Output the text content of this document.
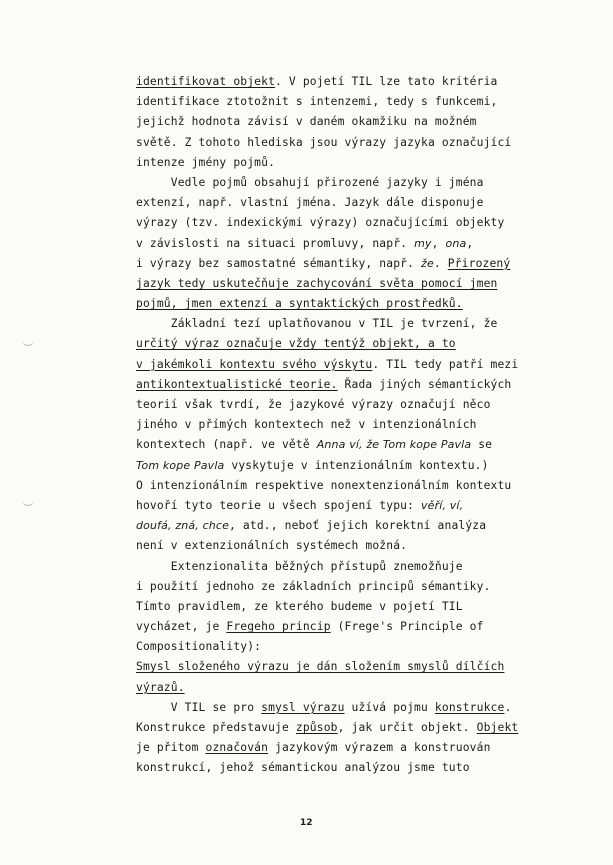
identifikovat objekt. V pojetí TIL lze tato kritéria
identifikace ztotožnit s intenzemi, tedy s funkcemi,
jejichž hodnota závisí v daném okamžiku na možném
světě. Z tohoto hlediska jsou výrazy jazyka označující
intenze jmény pojmů.
Vedle pojmů obsahují přirozené jazyky i jména
extenzí, např. vlastní jména. Jazyk dále disponuje
výrazy (tzv. indexickými výrazy) označujícími objekty
v závislosti na situaci promluvy, např. my, ona,
i výrazy bez samostatné sémantiky, např. že. Přirozený
jazyk tedy uskutečňuje zachycování světa pomocí jmen
pojmů, jmen extenzí a syntaktických prostředků.
Základní tezí uplatňovanou v TIL je tvrzení, že
určitý výraz označuje vždy tentýž objekt, a to
v jakémkoli kontextu svého výskytu. TIL tedy patří mezi
antikontextualistické teorie. Řada jiných sémantických
teorií však tvrdí, že jazykové výrazy označují něco
jiného v přímých kontextech než v intenzionálních
kontextech (např. ve větě Anna ví, že Tom kope Pavla se
Tom kope Pavla vyskytuje v intenzionálním kontextu.)
O intenzionálním respektive nonextenzionálním kontextu
hovoří tyto teorie u všech spojení typu: věří, ví,
doufá, zná, chce, atd., neboť jejich korektní analýza
není v extenzionálních systémech možná.
Extenzionalita běžných přístupů znemožňuje
i použití jednoho ze základních principů sémantiky.
Tímto pravidlem, ze kterého budeme v pojetí TIL
vycházet, je Fregeho princip (Frege's Principle of
Compositionality):
Smysl složeného výrazu je dán složením smyslů dílčích
výrazů.
V TIL se pro smysl výrazu užívá pojmu konstrukce.
Konstrukce představuje způsob, jak určit objekt. Objekt
je přitom označován jazykovým výrazem a konstruován
konstrukcí, jehož sémantickou analýzou jsme tuto
12
